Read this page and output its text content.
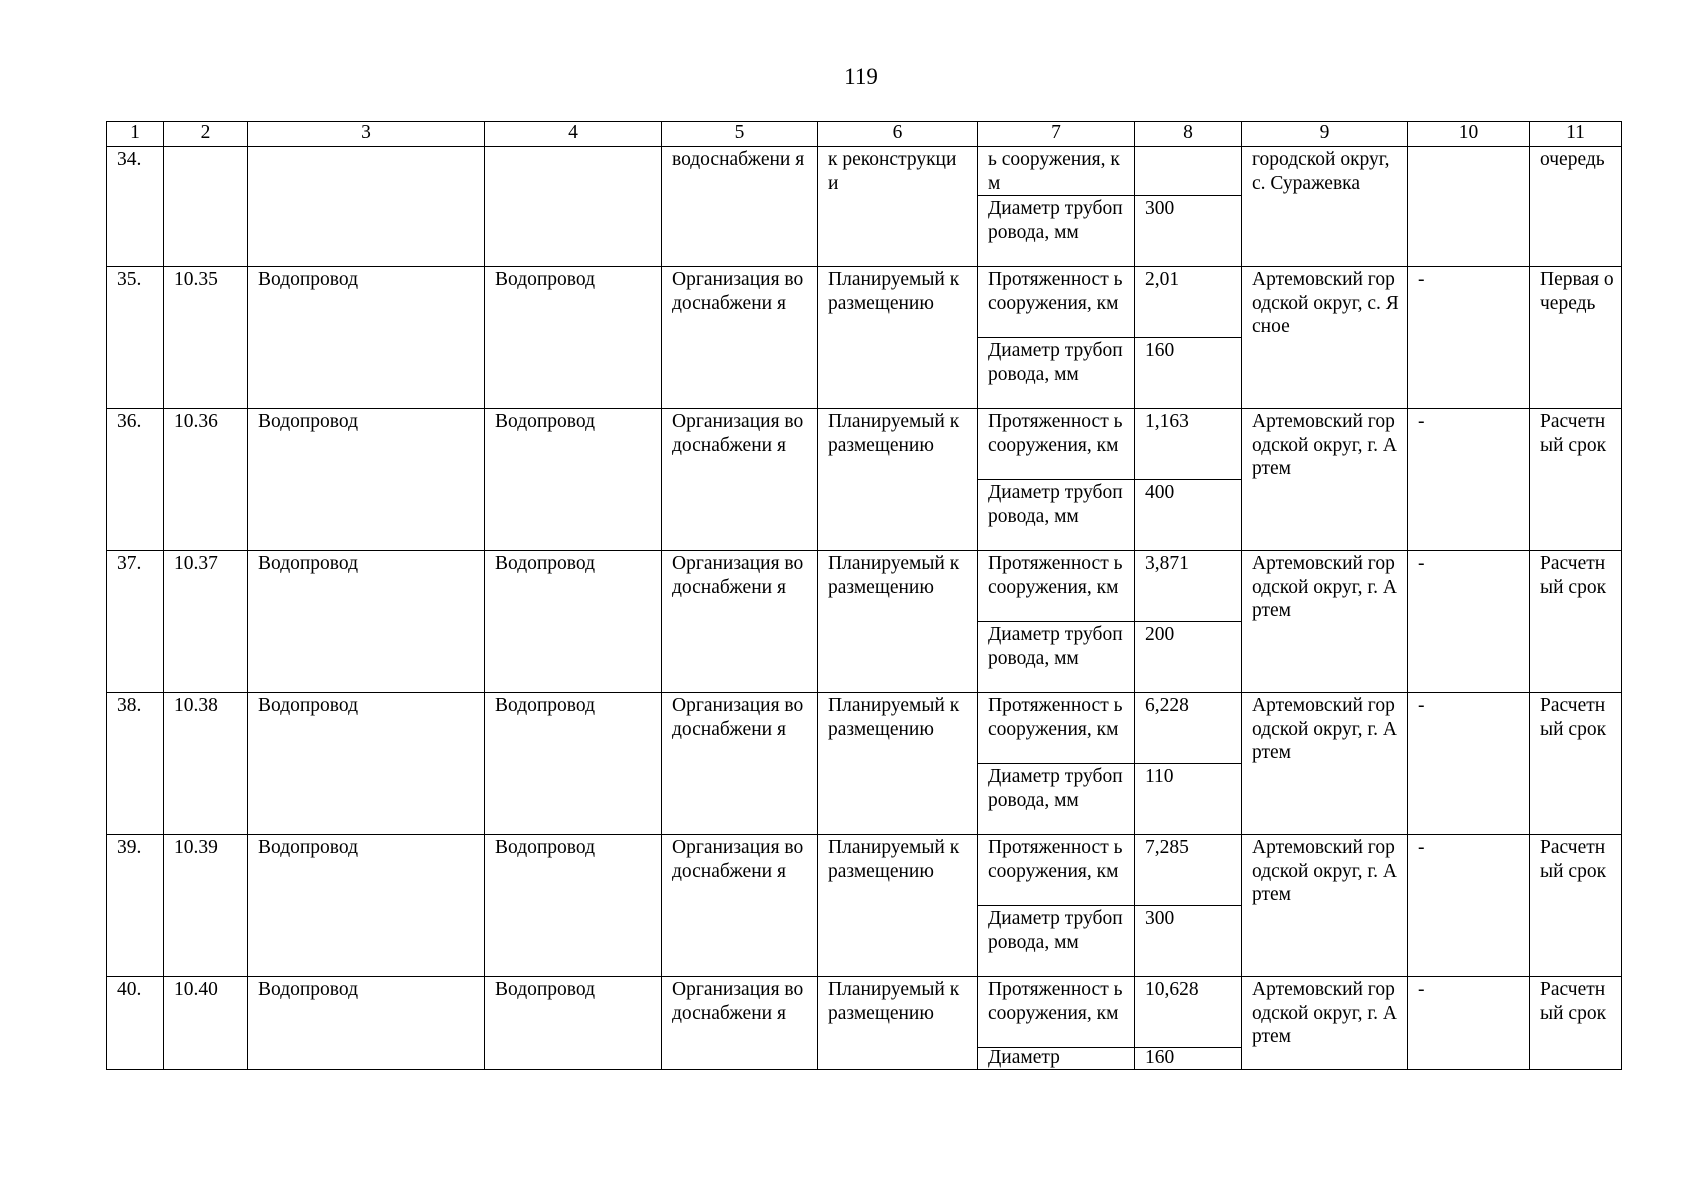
119
1	2	3	4	5	6	7	8	9	10	11
34.				водоснабжени я	к реконструкци и	ь сооружения, км		городской округ, с. Суражевка		очередь
						Диаметр трубопровода, мм	300			
35.	10.35	Водопровод	Водопровод	Организация водоснабжени я	Планируемый к размещению	Протяженност ь сооружения, км	2,01	Артемовский городской округ, с. Ясное	-	Первая очередь
						Диаметр трубопровода, мм	160			
36.	10.36	Водопровод	Водопровод	Организация водоснабжени я	Планируемый к размещению	Протяженност ь сооружения, км	1,163	Артемовский городской округ, г. Артем	-	Расчетн ый срок
						Диаметр трубопровода, мм	400			
37.	10.37	Водопровод	Водопровод	Организация водоснабжени я	Планируемый к размещению	Протяженност ь сооружения, км	3,871	Артемовский городской округ, г. Артем	-	Расчетн ый срок
						Диаметр трубопровода, мм	200			
38.	10.38	Водопровод	Водопровод	Организация водоснабжени я	Планируемый к размещению	Протяженност ь сооружения, км	6,228	Артемовский городской округ, г. Артем	-	Расчетн ый срок
						Диаметр трубопровода, мм	110			
39.	10.39	Водопровод	Водопровод	Организация водоснабжени я	Планируемый к размещению	Протяженност ь сооружения, км	7,285	Артемовский городской округ, г. Артем	-	Расчетн ый срок
						Диаметр трубопровода, мм	300			
40.	10.40	Водопровод	Водопровод	Организация водоснабжени я	Планируемый к размещению	Протяженност ь сооружения, км	10,628	Артемовский городской округ, г. Артем	-	Расчетн ый срок
						Диаметр	160			
